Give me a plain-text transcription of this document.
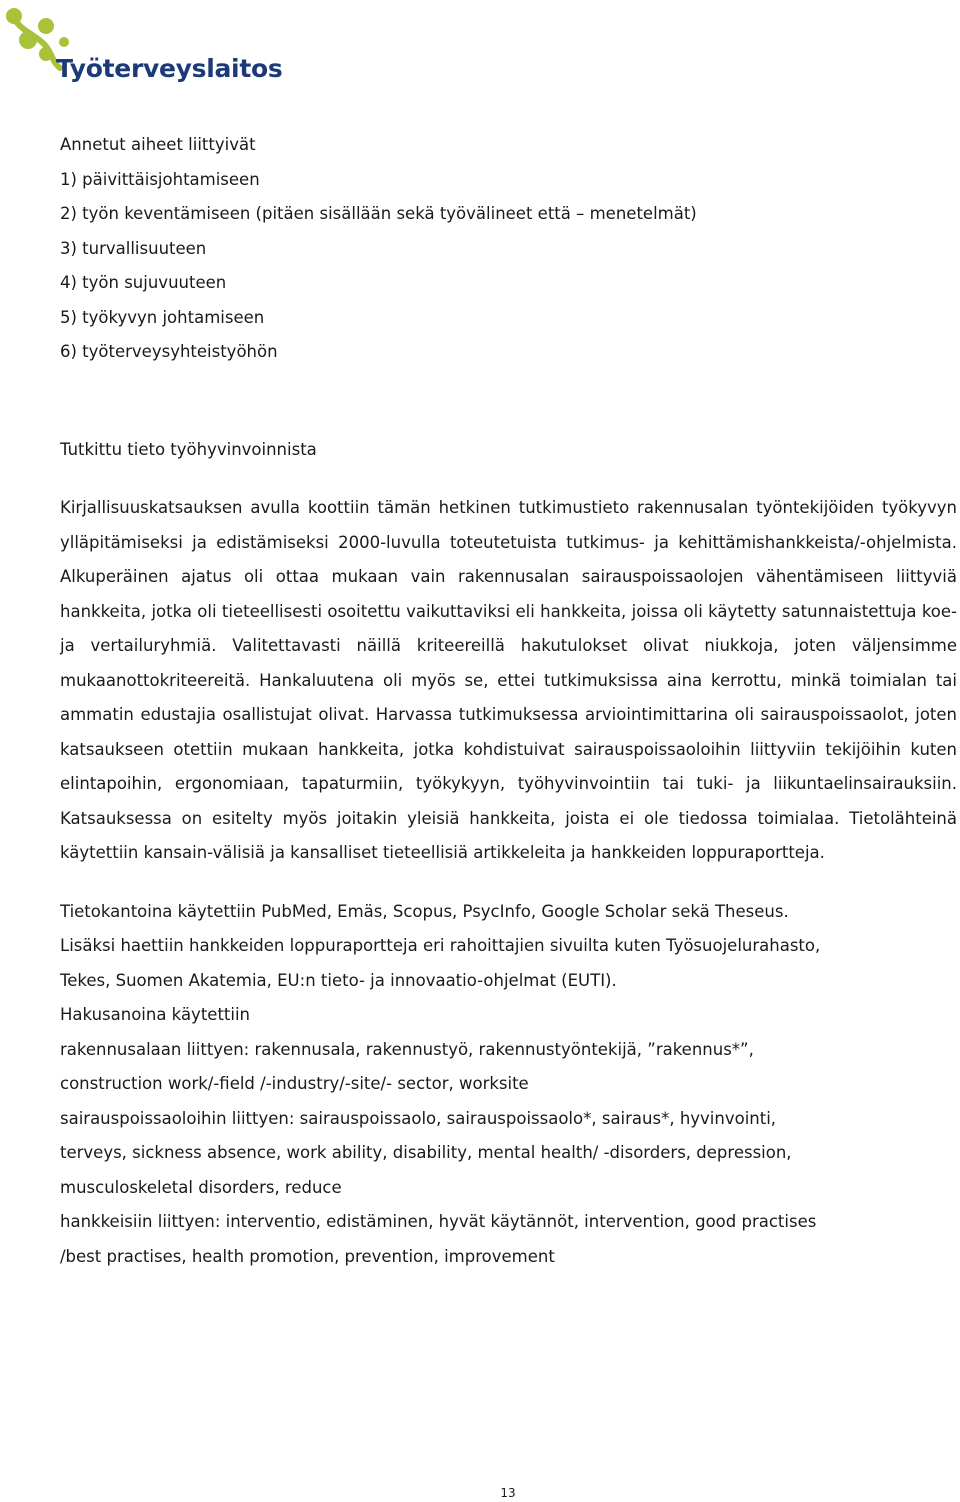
Työterveyslaitos
Annetut aiheet liittyivät
1) päivittäisjohtamiseen
2) työn keventämiseen (pitäen sisällään sekä työvälineet että – menetelmät)
3) turvallisuuteen
4) työn sujuvuuteen
5) työkyvyn johtamiseen
6) työterveysyhteistyöhön
Tutkittu tieto työhyvinvoinnista

Kirjallisuuskatsauksen avulla koottiin tämän hetkinen tutkimustieto rakennusalan työntekijöiden työkyvyn ylläpitämiseksi ja edistämiseksi 2000-luvulla toteutetuista tutkimus- ja kehittämishankkeista/-ohjelmista. Alkuperäinen ajatus oli ottaa mukaan vain rakennusalan sairauspoissaolojen vähentämiseen liittyviä hankkeita, jotka oli tieteellisesti osoitettu vaikuttaviksi eli hankkeita, joissa oli käytetty satunnaistettuja koe- ja vertailuryhmiä. Valitettavasti näillä kriteereillä hakutulokset olivat niukkoja, joten väljensimme mukaanottokriteereitä. Hankaluutena oli myös se, ettei tutkimuksissa aina kerrottu, minkä toimialan tai ammatin edustajia osallistujat olivat. Harvassa tutkimuksessa arviointimittarina oli sairauspoissaolot, joten katsaukseen otettiin mukaan hankkeita, jotka kohdistuivat sairauspoissaoloihin liittyviin tekijöihin kuten elintapoihin, ergonomiaan, tapaturmiin, työkykyyn, työhyvinvointiin tai tuki- ja liikuntaelinsairauksiin. Katsauksessa on esitelty myös joitakin yleisiä hankkeita, joista ei ole tiedossa toimialaa. Tietolähteinä käytettiin kansain-välisiä ja kansalliset tieteellisiä artikkeleita ja hankkeiden loppuraportteja.

Tietokantoina käytettiin PubMed, Emäs, Scopus, PsycInfo, Google Scholar sekä Theseus.
Lisäksi haettiin hankkeiden loppuraportteja eri rahoittajien sivuilta kuten Työsuojelurahasto,
Tekes, Suomen Akatemia, EU:n tieto- ja innovaatio-ohjelmat (EUTI).
Hakusanoina käytettiin
rakennusalaan liittyen: rakennusala, rakennustyö, rakennustyöntekijä, ”rakennus*”,
construction work/-field /-industry/-site/- sector, worksite
sairauspoissaoloihin liittyen: sairauspoissaolo, sairauspoissaolo*, sairaus*, hyvinvointi,
terveys, sickness absence, work ability, disability, mental health/ -disorders, depression,
musculoskeletal disorders, reduce
hankkeisiin liittyen: interventio, edistäminen, hyvät käytännöt, intervention, good practises
/best practises, health promotion, prevention, improvement
13
